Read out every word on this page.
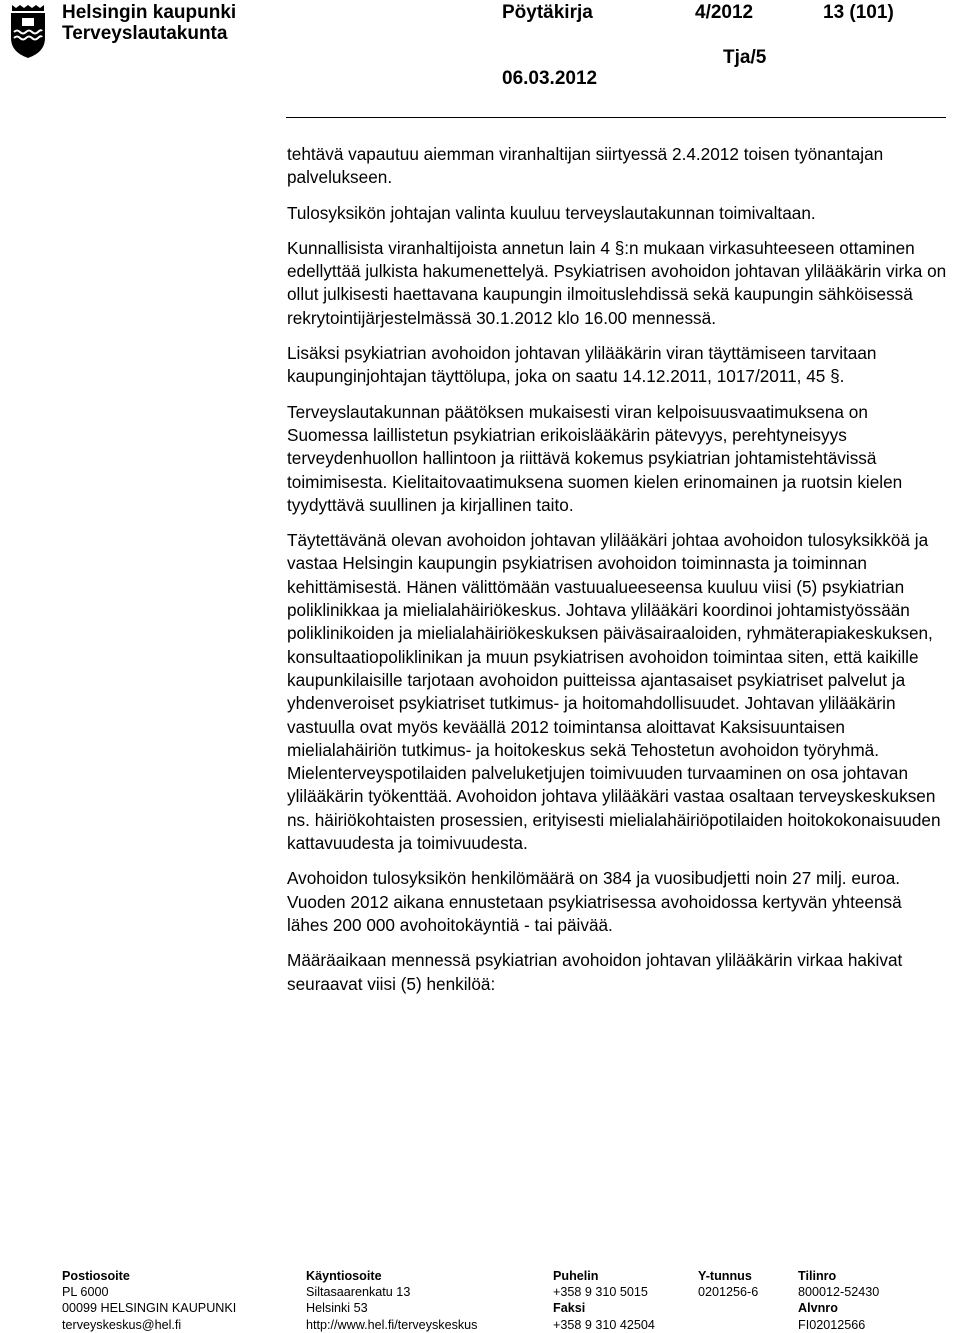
Helsingin kaupunki
Terveyslautakunta
Pöytäkirja	4/2012	13 (101)
Tja/5
06.03.2012

tehtävä vapautuu aiemman viranhaltijan siirtyessä 2.4.2012 toisen työnantajan palvelukseen.

Tulosyksikön johtajan valinta kuuluu terveyslautakunnan toimivaltaan.

Kunnallisista viranhaltijoista annetun lain 4 §:n mukaan virkasuhteeseen ottaminen edellyttää julkista hakumenettelyä. Psykiatrisen avohoidon johtavan ylilääkärin virka on ollut julkisesti haettavana kaupungin ilmoituslehdissä sekä kaupungin sähköisessä rekrytointijärjestelmässä 30.1.2012 klo 16.00 mennessä.

Lisäksi psykiatrian avohoidon johtavan ylilääkärin viran täyttämiseen tarvitaan kaupunginjohtajan täyttölupa, joka on saatu 14.12.2011, 1017/2011, 45 §.

Terveyslautakunnan päätöksen mukaisesti viran kelpoisuusvaatimuksena on Suomessa laillistetun psykiatrian erikoislääkärin pätevyys, perehtyneisyys terveydenhuollon hallintoon ja riittävä kokemus psykiatrian johtamistehtävissä toimimisesta. Kielitaitovaatimuksena suomen kielen erinomainen ja ruotsin kielen tyydyttävä suullinen ja kirjallinen taito.

Täytettävänä olevan avohoidon johtavan ylilääkäri johtaa avohoidon tulosyksikköä ja vastaa Helsingin kaupungin psykiatrisen avohoidon toiminnasta ja toiminnan kehittämisestä. Hänen välittömään vastuualueeseensa kuuluu viisi (5) psykiatrian poliklinikkaa ja mielialahäiriökeskus. Johtava ylilääkäri koordinoi johtamistyössään poliklinikoiden ja mielialahäiriökeskuksen päiväsairaaloiden, ryhmäterapiakeskuksen, konsultaatiopoliklinikan ja muun psykiatrisen avohoidon toimintaa siten, että kaikille kaupunkilaisille tarjotaan avohoidon puitteissa ajantasaiset psykiatriset palvelut ja yhdenveroiset psykiatriset tutkimus- ja hoitomahdollisuudet. Johtavan ylilääkärin vastuulla ovat myös keväällä 2012 toimintansa aloittavat Kaksisuuntaisen mielialahäiriön tutkimus- ja hoitokeskus sekä Tehostetun avohoidon työryhmä. Mielenterveyspotilaiden palveluketjujen toimivuuden turvaaminen on osa johtavan ylilääkärin työkenttää. Avohoidon johtava ylilääkäri vastaa osaltaan terveyskeskuksen ns. häiriökohtaisten prosessien, erityisesti mielialahäiriöpotilaiden hoitokokonaisuuden kattavuudesta ja toimivuudesta.

Avohoidon tulosyksikön henkilömäärä on 384 ja vuosibudjetti noin 27 milj. euroa. Vuoden 2012 aikana ennustetaan psykiatrisessa avohoidossa kertyvän yhteensä lähes 200 000 avohoitokäyntiä - tai päivää.

Määräaikaan mennessä psykiatrian avohoidon johtavan ylilääkärin virkaa hakivat seuraavat viisi (5) henkilöä:

Postiosoite
PL 6000
00099 HELSINGIN KAUPUNKI
terveyskeskus@hel.fi
Käyntiosoite
Siltasaarenkatu 13
Helsinki 53
http://www.hel.fi/terveyskeskus
Puhelin
+358 9 310 5015
Faksi
+358 9 310 42504
Y-tunnus
0201256-6
Tilinro
800012-52430
Alvnro
FI02012566
